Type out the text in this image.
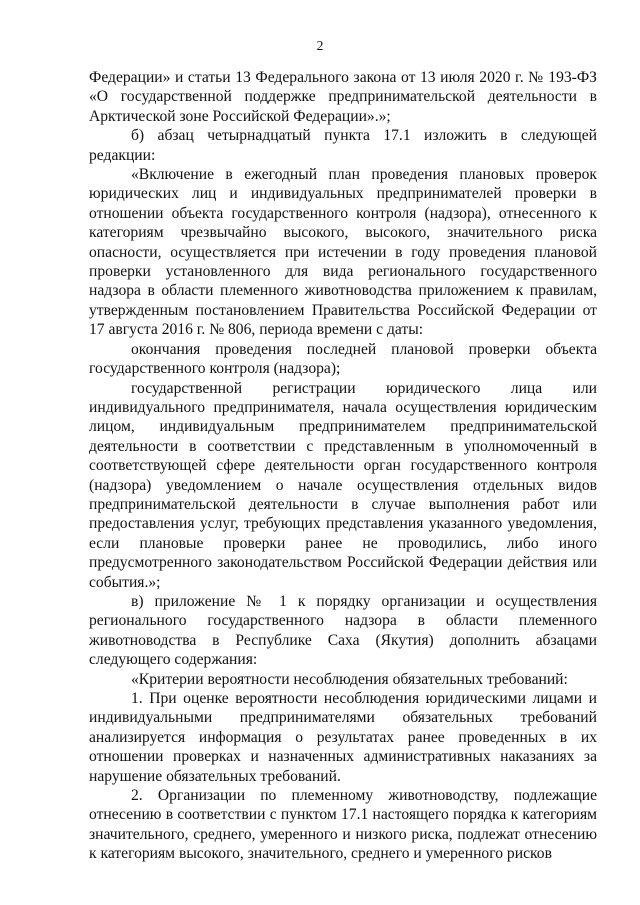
2

Федерации» и статьи 13 Федерального закона от 13 июля 2020 г. № 193-ФЗ «О государственной поддержке предпринимательской деятельности в Арктической зоне Российской Федерации».»;

б) абзац четырнадцатый пункта 17.1 изложить в следующей редакции:

«Включение в ежегодный план проведения плановых проверок юридических лиц и индивидуальных предпринимателей проверки в отношении объекта государственного контроля (надзора), отнесенного к категориям чрезвычайно высокого, высокого, значительного риска опасности, осуществляется при истечении в году проведения плановой проверки установленного для вида регионального государственного надзора в области племенного животноводства приложением к правилам, утвержденным постановлением Правительства Российской Федерации от 17 августа 2016 г. № 806, периода времени с даты:

окончания проведения последней плановой проверки объекта государственного контроля (надзора);

государственной регистрации юридического лица или индивидуального предпринимателя, начала осуществления юридическим лицом, индивидуальным предпринимателем предпринимательской деятельности в соответствии с представленным в уполномоченный в соответствующей сфере деятельности орган государственного контроля (надзора) уведомлением о начале осуществления отдельных видов предпринимательской деятельности в случае выполнения работ или предоставления услуг, требующих представления указанного уведомления, если плановые проверки ранее не проводились, либо иного предусмотренного законодательством Российской Федерации действия или события.»;

в) приложение № 1 к порядку организации и осуществления регионального государственного надзора в области племенного животноводства в Республике Саха (Якутия) дополнить абзацами следующего содержания:

«Критерии вероятности несоблюдения обязательных требований:

1. При оценке вероятности несоблюдения юридическими лицами и индивидуальными предпринимателями обязательных требований анализируется информация о результатах ранее проведенных в их отношении проверках и назначенных административных наказаниях за нарушение обязательных требований.

2. Организации по племенному животноводству, подлежащие отнесению в соответствии с пунктом 17.1 настоящего порядка к категориям значительного, среднего, умеренного и низкого риска, подлежат отнесению к категориям высокого, значительного, среднего и умеренного рисков
